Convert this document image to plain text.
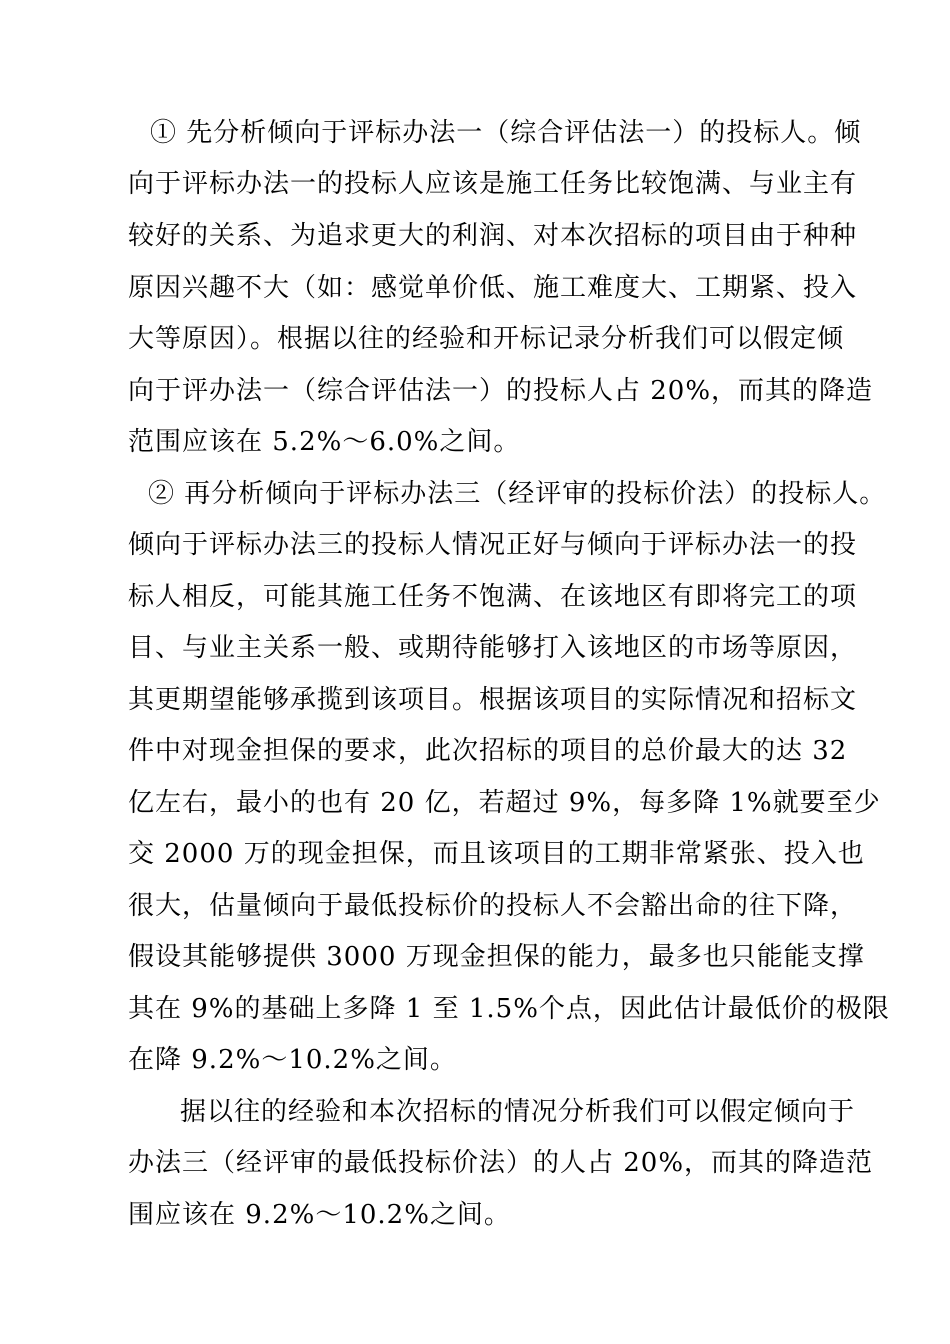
① 先分析倾向于评标办法一（综合评估法一）的投标人。倾
向于评标办法一的投标人应该是施工任务比较饱满、与业主有
较好的关系、为追求更大的利润、对本次招标的项目由于种种
原因兴趣不大（如：感觉单价低、施工难度大、工期紧、投入
大等原因）。根据以往的经验和开标记录分析我们可以假定倾
向于评办法一（综合评估法一）的投标人占 20%，而其的降造
范围应该在 5.2%～6.0%之间。
② 再分析倾向于评标办法三（经评审的投标价法）的投标人。
倾向于评标办法三的投标人情况正好与倾向于评标办法一的投
标人相反，可能其施工任务不饱满、在该地区有即将完工的项
目、与业主关系一般、或期待能够打入该地区的市场等原因，
其更期望能够承揽到该项目。根据该项目的实际情况和招标文
件中对现金担保的要求，此次招标的项目的总价最大的达 32
亿左右，最小的也有 20 亿，若超过 9%，每多降 1%就要至少
交 2000 万的现金担保，而且该项目的工期非常紧张、投入也
很大，估量倾向于最低投标价的投标人不会豁出命的往下降，
假设其能够提供 3000 万现金担保的能力，最多也只能能支撑
其在 9%的基础上多降 1 至 1.5%个点，因此估计最低价的极限
在降 9.2%～10.2%之间。
据以往的经验和本次招标的情况分析我们可以假定倾向于
办法三（经评审的最低投标价法）的人占 20%，而其的降造范
围应该在 9.2%～10.2%之间。
